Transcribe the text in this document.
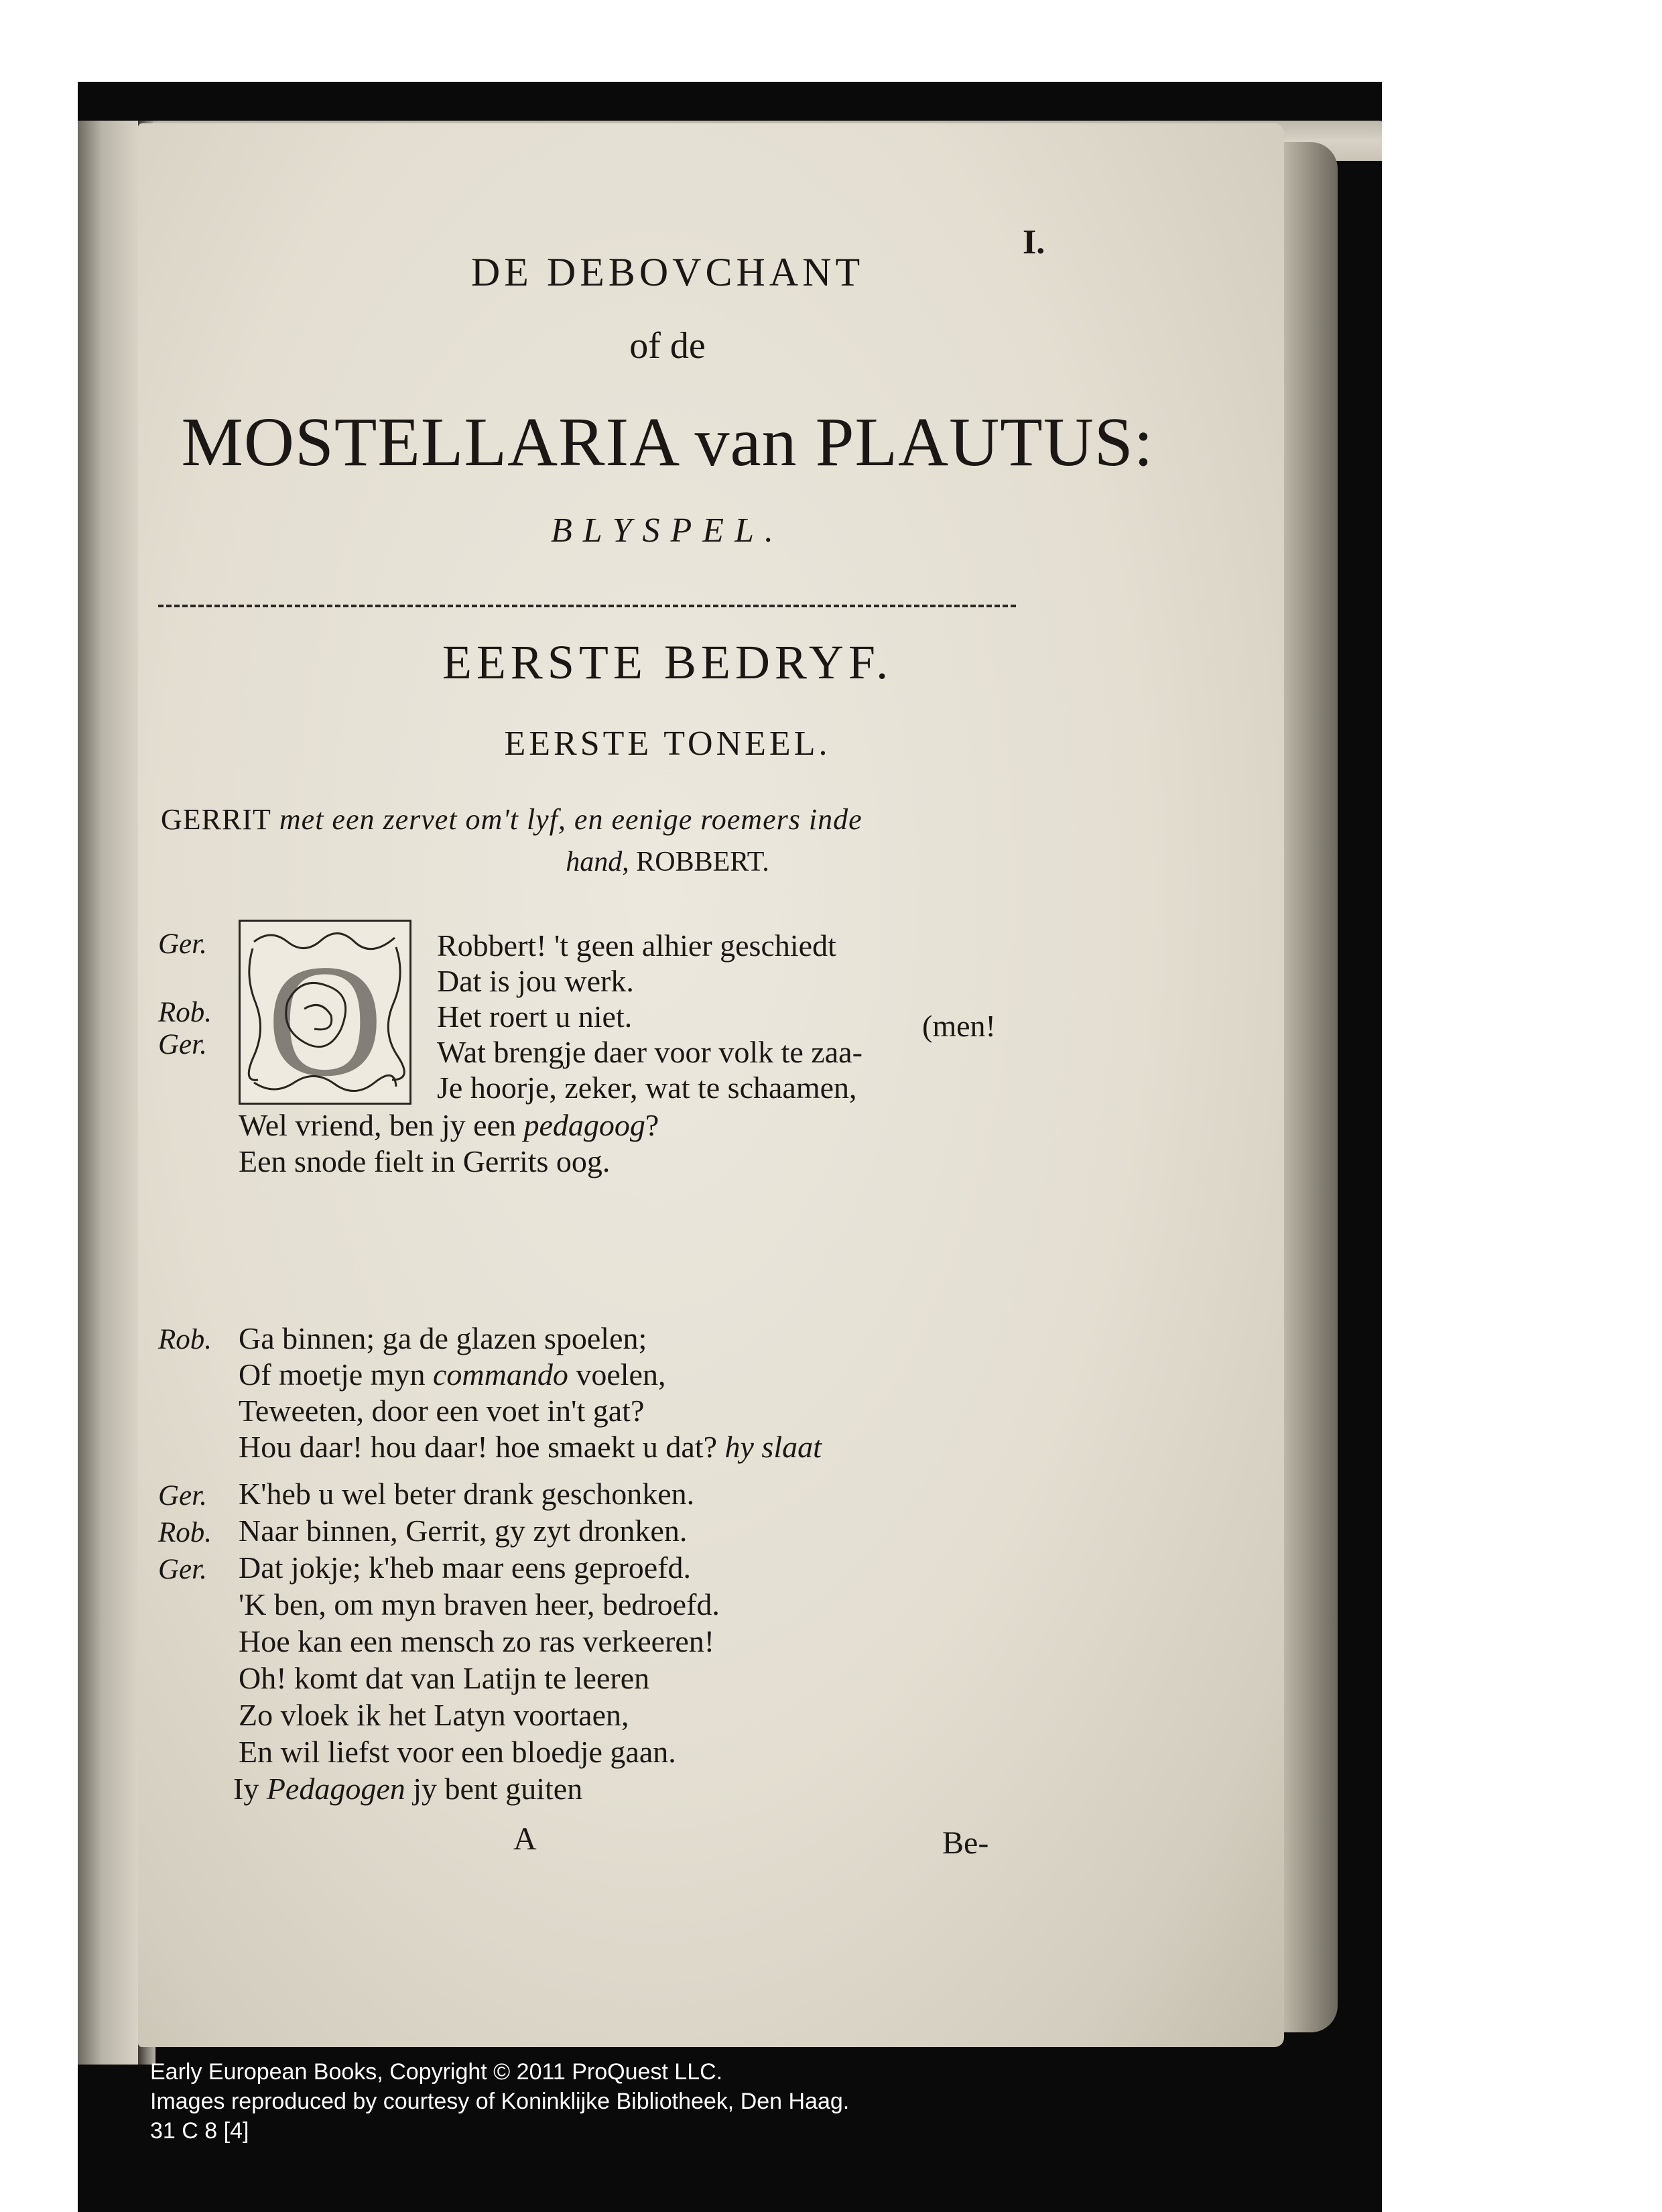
I.
DE DEBOVCHANT
of de
MOSTELLARIA van PLAUTUS:
BLYSPEL.
EERSTE BEDRYF.
EERSTE TONEEL.
GERRIT met een zervet om't lyf, en eenige roemers inde
hand, ROBBERT.
O
Ger.
Rob.
Ger.
Rob.
Ger.
Rob.
Ger.
Robbert! 't geen alhier geschiedt
Dat is jou werk.
Het roert u niet.	(men!
Wat brengje daer voor volk te zaa-
Je hoorje, zeker, wat te schaamen,
Wel vriend, ben jy een pedagoog?
Een snode fielt in Gerrits oog.
Ga binnen; ga de glazen spoelen;
Of moetje myn commando voelen,
Teweeten, door een voet in't gat?
Hou daar! hou daar! hoe smaekt u dat? hy slaat
K'heb u wel beter drank geschonken.
Naar binnen, Gerrit, gy zyt dronken.
Dat jokje; k'heb maar eens geproefd.
'K ben, om myn braven heer, bedroefd.
Hoe kan een mensch zo ras verkeeren!
Oh! komt dat van Latijn te leeren
Zo vloek ik het Latyn voortaen,
En wil liefst voor een bloedje gaan.
Iy Pedagogen jy bent guiten
A	Be-
Early European Books, Copyright © 2011 ProQuest LLC.
Images reproduced by courtesy of Koninklijke Bibliotheek, Den Haag.
31 C 8 [4]
